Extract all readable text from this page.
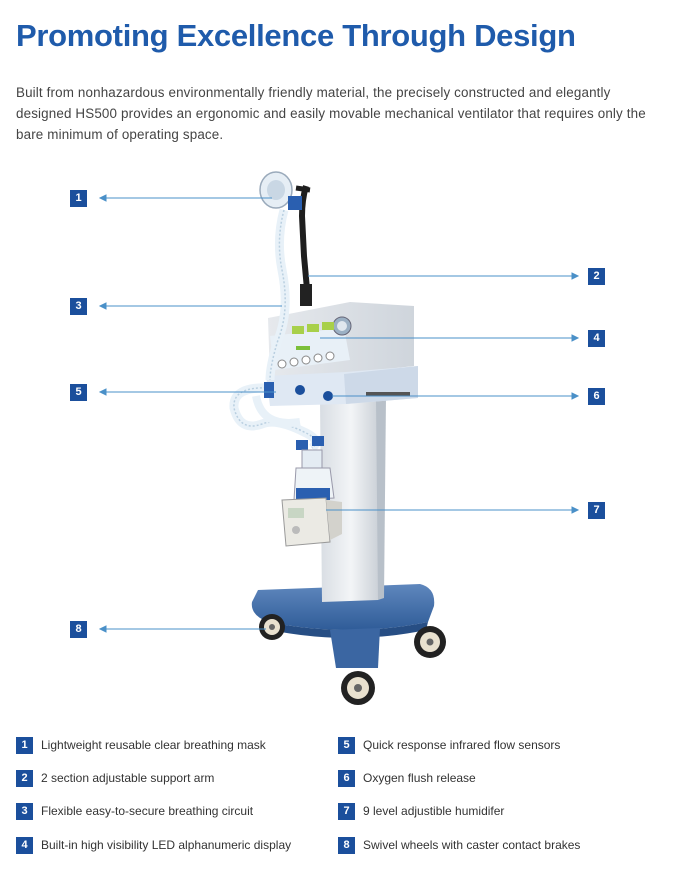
Promoting Excellence Through Design

Built from nonhazardous environmentally friendly material, the precisely constructed and elegantly designed HS500 provides an ergonomic and easily movable mechanical ventilator that requires only the bare minimum of operating space.

1
2
3
4
5	6
7
8
1	Lightweight reusable clear breathing mask
2	2 section adjustable support arm
3	Flexible easy-to-secure breathing circuit
4	Built-in high visibility LED alphanumeric display
5	Quick response infrared flow sensors
6	Oxygen flush release
7	9 level adjustible humidifer
8	Swivel wheels with caster contact brakes
